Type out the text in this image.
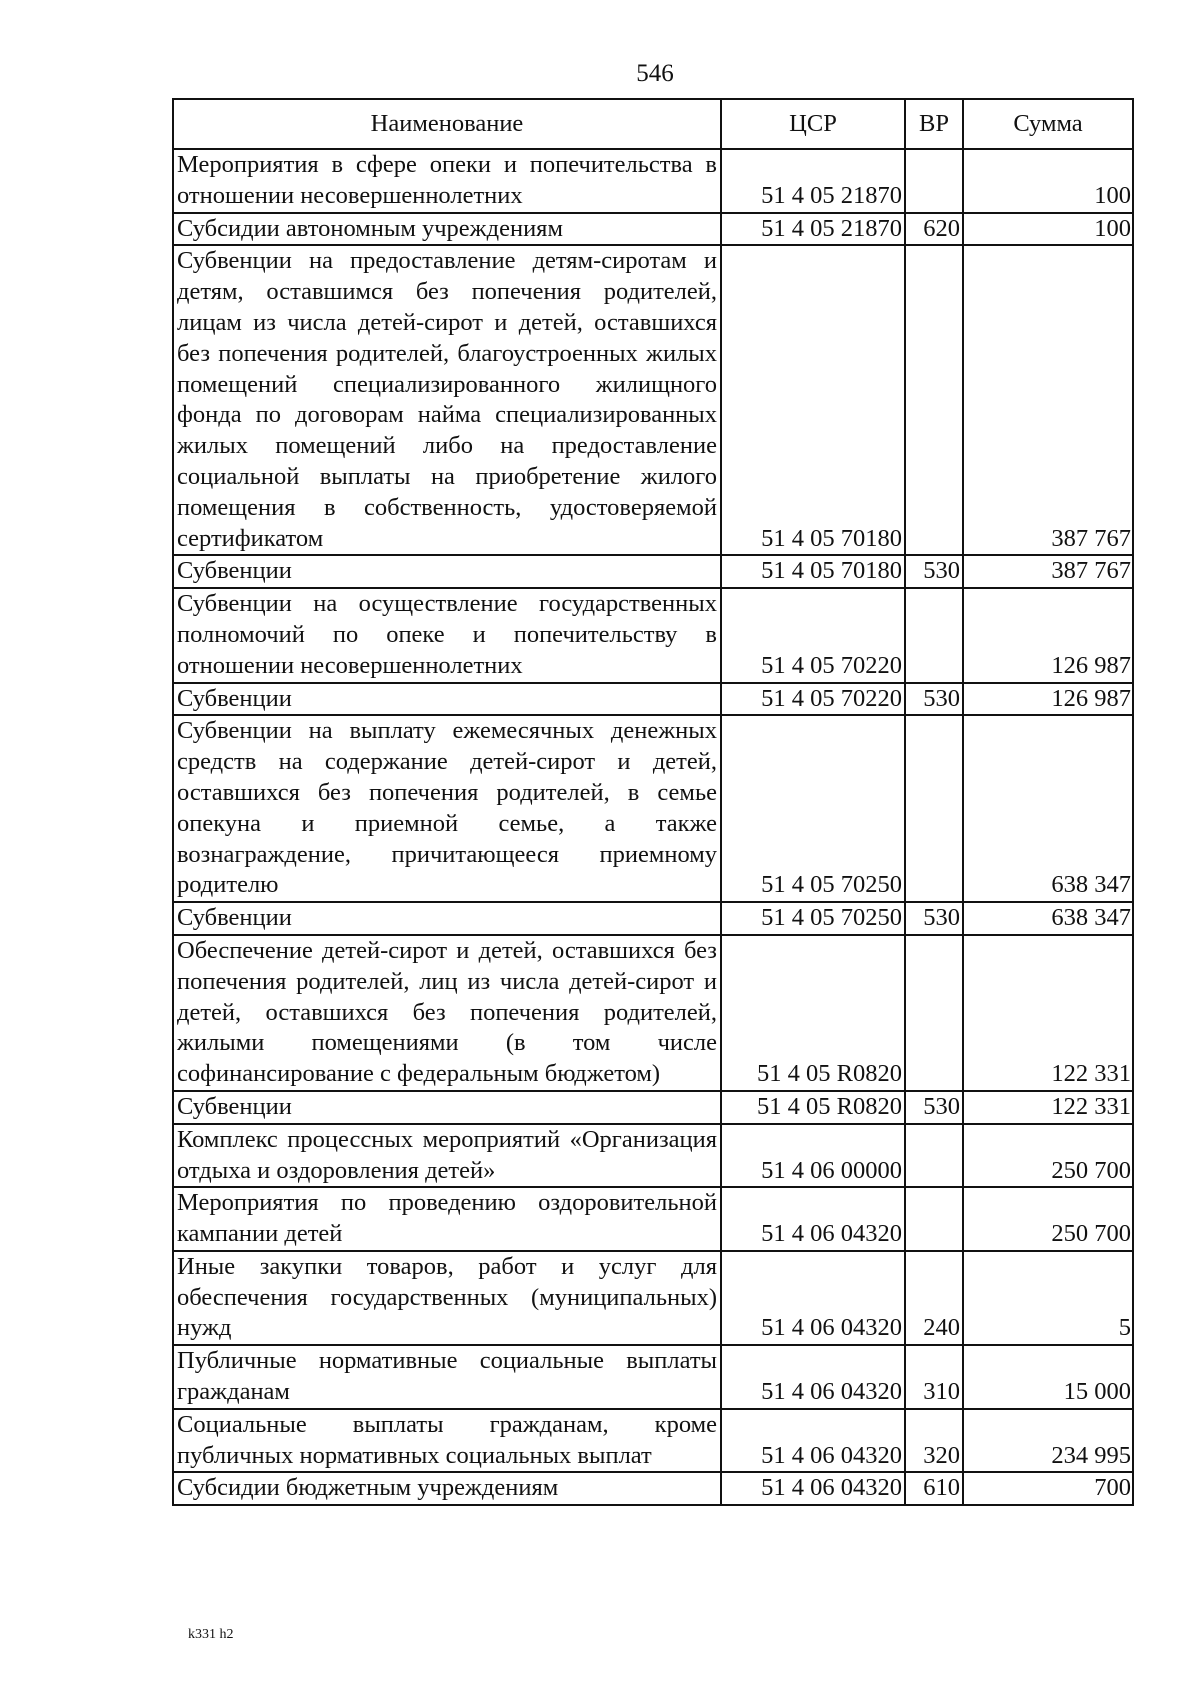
546
Наименование	ЦСР	ВР	Сумма
Мероприятия в сфере опеки и попечительства в отношении несовершеннолетних	51 4 05 21870		100
Субсидии автономным учреждениям	51 4 05 21870	620	100
Субвенции на предоставление детям-сиротам и детям, оставшимся без попечения родителей, лицам из числа детей-сирот и детей, оставшихся без попечения родителей, благоустроенных жилых помещений специализированного жилищного фонда по договорам найма специализированных жилых помещений либо на предоставление социальной выплаты на приобретение жилого помещения в собственность, удостоверяемой сертификатом	51 4 05 70180		387 767
Субвенции	51 4 05 70180	530	387 767
Субвенции на осуществление государственных полномочий по опеке и попечительству в отношении несовершеннолетних	51 4 05 70220		126 987
Субвенции	51 4 05 70220	530	126 987
Субвенции на выплату ежемесячных денежных средств на содержание детей-сирот и детей, оставшихся без попечения родителей, в семье опекуна и приемной семье, а также вознаграждение, причитающееся приемному родителю	51 4 05 70250		638 347
Субвенции	51 4 05 70250	530	638 347
Обеспечение детей-сирот и детей, оставшихся без попечения родителей, лиц из числа детей-сирот и детей, оставшихся без попечения родителей, жилыми помещениями (в том числе софинансирование с федеральным бюджетом)	51 4 05 R0820		122 331
Субвенции	51 4 05 R0820	530	122 331
Комплекс процессных мероприятий «Организация отдыха и оздоровления детей»	51 4 06 00000		250 700
Мероприятия по проведению оздоровительной кампании детей	51 4 06 04320		250 700
Иные закупки товаров, работ и услуг для обеспечения государственных (муниципальных) нужд	51 4 06 04320	240	5
Публичные нормативные социальные выплаты гражданам	51 4 06 04320	310	15 000
Социальные выплаты гражданам, кроме публичных нормативных социальных выплат	51 4 06 04320	320	234 995
Субсидии бюджетным учреждениям	51 4 06 04320	610	700
k331 h2
